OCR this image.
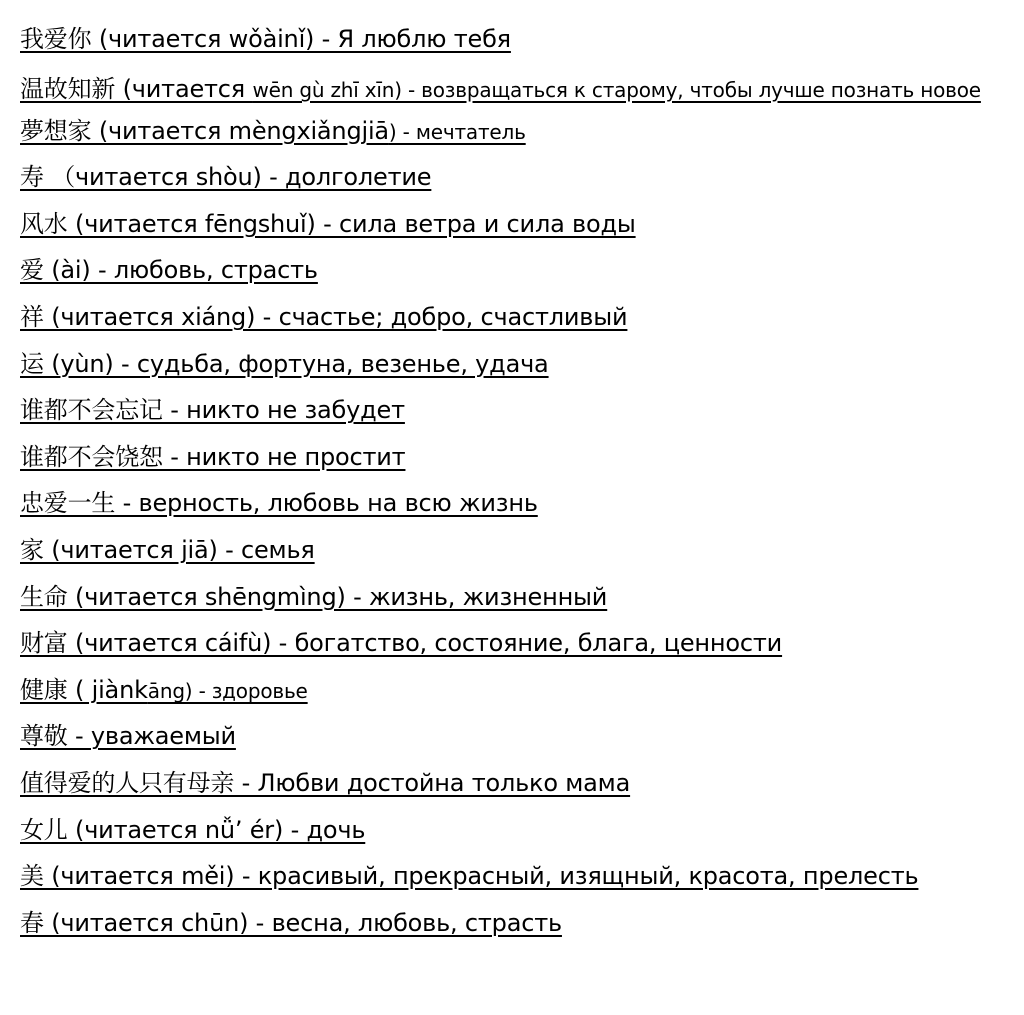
我爱你 (читается wǒàinǐ) - Я люблю тебя
温故知新 (читается wēn gù zhī xīn) - возвращаться к старому, чтобы лучше познать новое
夢想家 (читается mèngxiǎngjiā) - мечтатель
寿 （читается shòu) - долголетие
风水 (читается fēngshuǐ) - сила ветра и сила воды
爱 (ài) - любовь, страсть
祥 (читается xiáng) - счастье; добро, счастливый
运 (yùn) - судьба, фортуна, везенье, удача
谁都不会忘记 - никто не забудет
谁都不会饶恕 - никто не простит
忠爱一生 - верность, любовь на всю жизнь
家 (читается jiā) - семья
生命 (читается shēngmìng) - жизнь, жизненный
财富 (читается cáifù) - богатство, состояние, блага, ценности
健康 ( jiànkāng) - здоровье
尊敬 - уважаемый
值得爱的人只有母亲 - Любви достойна только мама
女儿 (читается nǚ’ ér) - дочь
美 (читается měi) - красивый, прекрасный, изящный, красота, прелесть
春 (читается chūn) - весна, любовь, страсть
